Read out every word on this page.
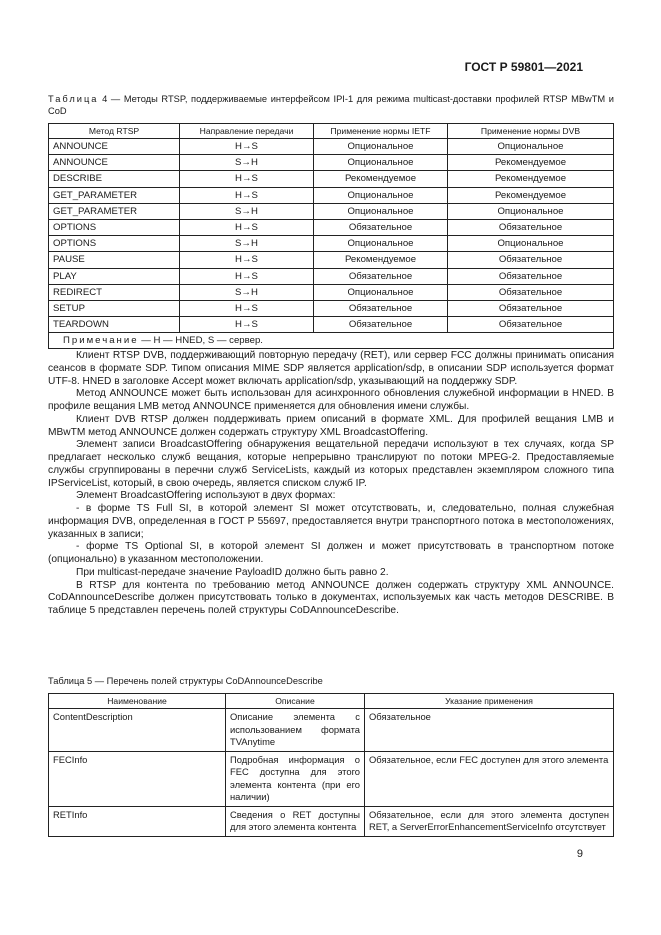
ГОСТ Р 59801—2021
Таблица 4 — Методы RTSP, поддерживаемые интерфейсом IPI-1 для режима multicast-доставки профилей RTSP MBwTM и CoD
Метод RTSP	Направление передачи	Применение нормы IETF	Применение нормы DVB
ANNOUNCE	H→S	Опциональное	Опциональное
ANNOUNCE	S→H	Опциональное	Рекомендуемое
DESCRIBE	H→S	Рекомендуемое	Рекомендуемое
GET_PARAMETER	H→S	Опциональное	Рекомендуемое
GET_PARAMETER	S→H	Опциональное	Опциональное
OPTIONS	H→S	Обязательное	Обязательное
OPTIONS	S→H	Опциональное	Опциональное
PAUSE	H→S	Рекомендуемое	Обязательное
PLAY	H→S	Обязательное	Обязательное
REDIRECT	S→H	Опциональное	Обязательное
SETUP	H→S	Обязательное	Обязательное
TEARDOWN	H→S	Обязательное	Обязательное
Примечание — H — HNED, S — сервер.			

Клиент RTSP DVB, поддерживающий повторную передачу (RET), или сервер FCC должны принимать описания сеансов в формате SDP. Типом описания MIME SDP является application/sdp, в описании SDP используется формат UTF-8. HNED в заголовке Accept может включать application/sdp, указывающий на поддержку SDP.

Метод ANNOUNCE может быть использован для асинхронного обновления служебной информации в HNED. В профиле вещания LMB метод ANNOUNCE применяется для обновления имени службы.

Клиент DVB RTSP должен поддерживать прием описаний в формате XML. Для профилей вещания LMB и MBwTM метод ANNOUNCE должен содержать структуру XML BroadcastOffering.

Элемент записи BroadcastOffering обнаружения вещательной передачи используют в тех случаях, когда SP предлагает несколько служб вещания, которые непрерывно транслируют по потоки MPEG-2. Предоставляемые службы сгруппированы в перечни служб ServiceLists, каждый из которых представлен экземпляром сложного типа IPServiceList, который, в свою очередь, является списком служб IP.

Элемент BroadcastOffering используют в двух формах:

- в форме TS Full SI, в которой элемент SI может отсутствовать, и, следовательно, полная служебная информация DVB, определенная в ГОСТ Р 55697, предоставляется внутри транспортного потока в местоположениях, указанных в записи;

- форме TS Optional SI, в которой элемент SI должен и может присутствовать в транспортном потоке (опционально) в указанном местоположении.

При multicast-передаче значение PayloadID должно быть равно 2.

В RTSP для контента по требованию метод ANNOUNCE должен содержать структуру XML ANNOUNCE. CoDAnnounceDescribe должен присутствовать только в документах, используемых как часть методов DESCRIBE. В таблице 5 представлен перечень полей структуры CoDAnnounceDescribe.

Таблица 5 — Перечень полей структуры CoDAnnounceDescribe
Наименование	Описание	Указание применения
ContentDescription	Описание элемента с использованием формата TVAnytime	Обязательное
FECInfo	Подробная информация о FEC доступна для этого элемента контента (при его наличии)	Обязательное, если FEC доступен для этого элемента
RETInfo	Сведения о RET доступны для этого элемента контента	Обязательное, если для этого элемента доступен RET, а ServerErrorEnhancementServiceInfo отсутствует
9
